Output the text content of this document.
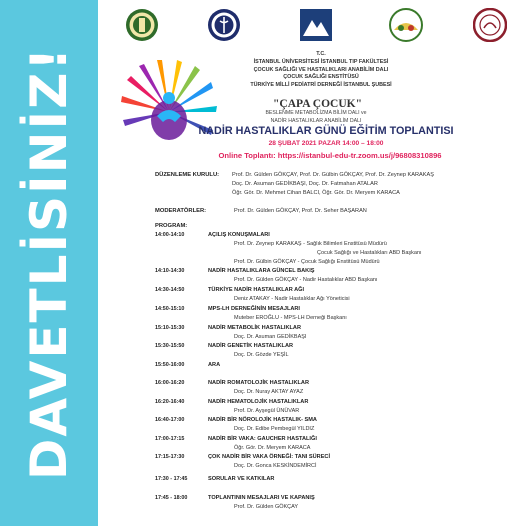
DAVETLİSİNİZ!	T.C.
İSTANBUL ÜNİVERSİTESİ İSTANBUL TIP FAKÜLTESİ
ÇOCUK SAĞLIĞI VE HASTALIKLARI ANABİLİM DALI
ÇOCUK SAĞLIĞI ENSTİTÜSÜ
TÜRKİYE MİLLİ PEDİATRİ DERNEĞİ İSTANBUL ŞUBESİ
"ÇAPA ÇOCUK"
BESLENME METABOLİZMA BİLİM DALI ve
NADİR HASTALIKLAR ANABİLİM DALI
NADİR HASTALIKLAR GÜNÜ EĞİTİM TOPLANTISI
28 ŞUBAT 2021 PAZAR 14:00 – 18:00
Online Toplantı: https://istanbul-edu-tr.zoom.us/j/96808310896
DÜZENLEME KURULU: Prof. Dr. Gülden GÖKÇAY, Prof. Dr. Gülbin GÖKÇAY, Prof. Dr. Zeynep KARAKAŞ
Doç. Dr. Asuman GEDİKBAŞI, Doç. Dr. Fatmahan ATALAR
Öğr. Gör. Dr. Mehmet Cihan BALCI, Öğr. Gör. Dr. Meryem KARACA
MODERATÖRLER:	Prof. Dr. Gülden GÖKÇAY, Prof. Dr. Seher BAŞARAN
PROGRAM:
14:00-14:10	AÇILIŞ KONUŞMALARI
Prof. Dr. Zeynep KARAKAŞ - Sağlık Bilimleri Enstitüsü Müdürü
Çocuk Sağlığı ve Hastalıkları ABD Başkanı
Prof. Dr. Gülbin GÖKÇAY - Çocuk Sağlığı Enstitüsü Müdürü
14:10-14:30	NADİR HASTALIKLARA GÜNCEL BAKIŞ
Prof. Dr. Gülden GÖKÇAY - Nadir Hastalıklar ABD Başkanı
14:30-14:50	TÜRKİYE NADİR HASTALIKLAR AĞI
Deniz ATAKAY - Nadir Hastalıklar Ağı Yöneticisi
14:50-15:10	MPS-LH DERNEĞİNİN MESAJLARI
Muteber EROĞLU - MPS-LH Derneği Başkanı
15:10-15:30	NADİR METABOLİK HASTALIKLAR
Doç. Dr. Asuman GEDİKBAŞI
15:30-15:50	NADİR GENETİK HASTALIKLAR
Doç. Dr. Gözde YEŞİL
15:50-16:00	ARA
16:00-16:20	NADİR ROMATOLOJİK HASTALIKLAR
Doç. Dr. Nuray AKTAY AYAZ
16:20-16:40	NADİR HEMATOLOJİK HASTALIKLAR
Prof. Dr. Ayşegül ÜNÜVAR
16:40-17:00	NADİR BİR NÖROLOJİK HASTALIK- SMA
Doç. Dr. Edibe Pembegül YILDIZ
17:00-17:15	NADİR BİR VAKA: GAUCHER HASTALIĞI
Öğr. Gör. Dr. Meryem KARACA
17:15-17:30	ÇOK NADİR BİR VAKA ÖRNEĞİ: TANI SÜRECİ
Doç. Dr. Gonca KESKİNDEMİRCİ
17:30 - 17:45	SORULAR VE KATKILAR
17:45 - 18:00	TOPLANTININ MESAJLARI VE KAPANIŞ
Prof. Dr. Gülden GÖKÇAY
